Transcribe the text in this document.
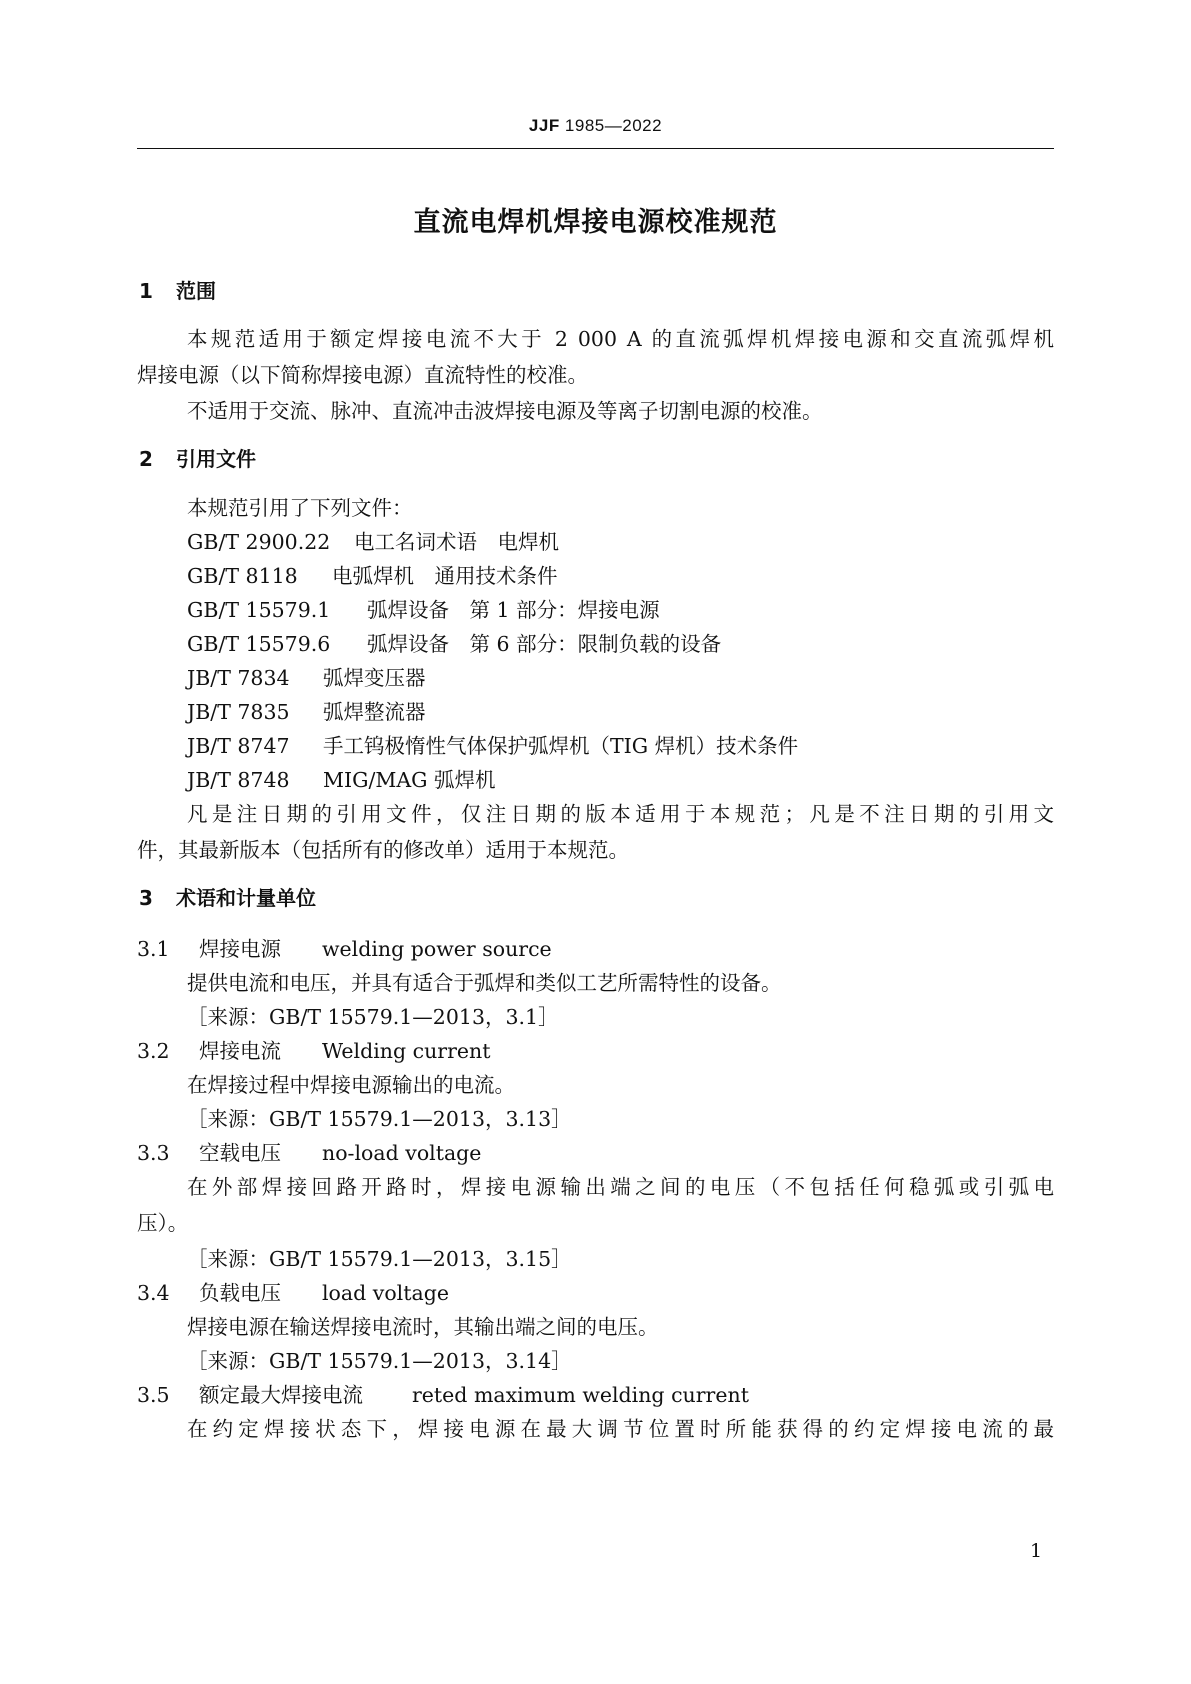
JJF 1985—2022
直流电焊机焊接电源校准规范
1 范围
本规范适用于额定焊接电流不大于 2 000 A 的直流弧焊机焊接电源和交直流弧焊机
焊接电源（以下简称焊接电源）直流特性的校准。
不适用于交流、脉冲、直流冲击波焊接电源及等离子切割电源的校准。
2 引用文件
本规范引用了下列文件：
GB/T 2900.22 电工名词术语　电焊机
GB/T 8118 电弧焊机　通用技术条件
GB/T 15579.1 弧焊设备　第 1 部分：焊接电源
GB/T 15579.6 弧焊设备　第 6 部分：限制负载的设备
JB/T 7834 弧焊变压器
JB/T 7835 弧焊整流器
JB/T 8747 手工钨极惰性气体保护弧焊机（TIG 焊机）技术条件
JB/T 8748 MIG/MAG 弧焊机
凡是注日期的引用文件，仅注日期的版本适用于本规范；凡是不注日期的引用文
件，其最新版本（包括所有的修改单）适用于本规范。
3 术语和计量单位
3.1 焊接电源 welding power source
提供电流和电压，并具有适合于弧焊和类似工艺所需特性的设备。
［来源：GB/T 15579.1—2013，3.1］
3.2 焊接电流 Welding current
在焊接过程中焊接电源输出的电流。
［来源：GB/T 15579.1—2013，3.13］
3.3 空载电压 no-load voltage
在外部焊接回路开路时，焊接电源输出端之间的电压（不包括任何稳弧或引弧电
压）。
［来源：GB/T 15579.1—2013，3.15］
3.4 负载电压 load voltage
焊接电源在输送焊接电流时，其输出端之间的电压。
［来源：GB/T 15579.1—2013，3.14］
3.5 额定最大焊接电流 reted maximum welding current
在约定焊接状态下，焊接电源在最大调节位置时所能获得的约定焊接电流的最
1
